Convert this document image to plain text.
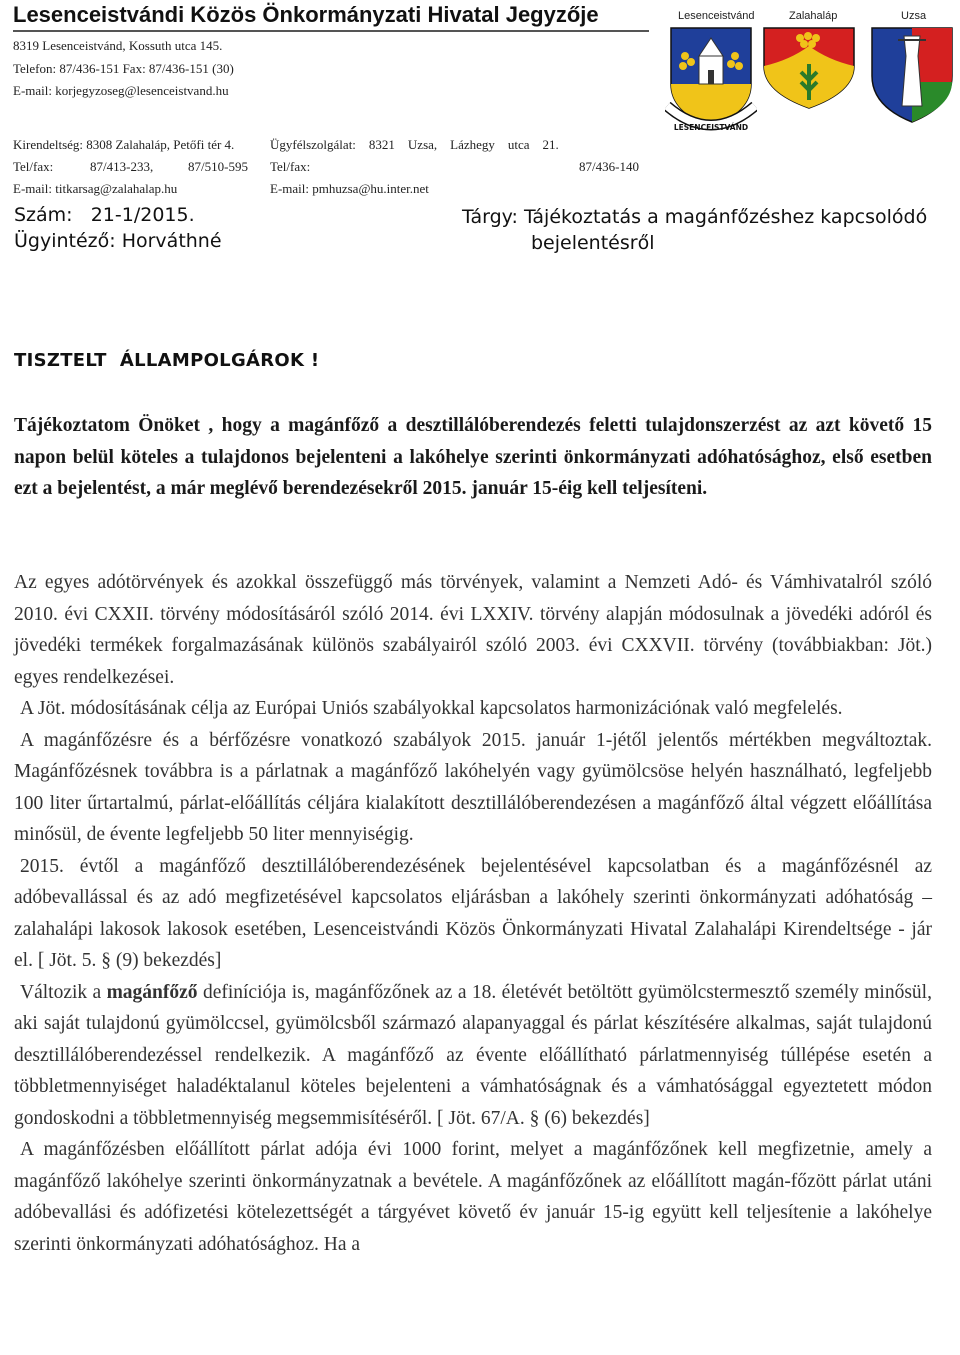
Lesenceistvándi Közös Önkormányzati Hivatal Jegyzője
8319 Lesenceistvánd, Kossuth utca 145.
Telefon: 87/436-151 Fax: 87/436-151 (30)
E-mail: korjegyzoseg@lesenceistvand.hu
Kirendeltség: 8308 Zalahaláp, Petőfi tér 4.
Tel/fax:	87/413-233,	87/510-595
E-mail: titkarsag@zalahalap.hu
Ügyfélszolgálat:    8321    Uzsa,    Lázhegy    utca    21.
Tel/fax:	87/436-140
E-mail: pmhuzsa@hu.inter.net
Lesenceistvánd	Zalahaláp	Uzsa
LESENCEISTVÁND
Szám:   21-1/2015.
Ügyintéző: Horváthné
Tárgy: Tájékoztatás a magánfőzéshez kapcsolódó
bejelentésről
TISZTELT  ÁLLAMPOLGÁROK !
Tájékoztatom Önöket , hogy a magánfőző a desztillálóberendezés feletti tulajdonszerzést az azt követő 15 napon belül köteles a tulajdonos bejelenteni a lakóhelye szerinti önkormányzati adóhatósághoz, első esetben ezt a bejelentést, a már meglévő berendezésekről 2015. január 15-éig kell teljesíteni.
Az egyes adótörvények és azokkal összefüggő más törvények, valamint a Nemzeti Adó- és Vámhivatalról szóló 2010. évi CXXII. törvény módosításáról szóló 2014. évi LXXIV. törvény alapján módosulnak a jövedéki adóról és jövedéki termékek forgalmazásának különös szabályairól szóló 2003. évi CXXVII. törvény (továbbiakban: Jöt.) egyes rendelkezései.
A Jöt. módosításának célja az Európai Uniós szabályokkal kapcsolatos harmonizációnak való megfelelés.
A magánfőzésre és a bérfőzésre vonatkozó szabályok 2015. január 1-jétől jelentős mértékben megváltoztak. Magánfőzésnek továbbra is a párlatnak a magánfőző lakóhelyén vagy gyümölcsöse helyén használható, legfeljebb 100 liter űrtartalmú, párlat-előállítás céljára kialakított desztillálóberendezésen a magánfőző által végzett előállítása minősül, de évente legfeljebb 50 liter mennyiségig.
2015. évtől a magánfőző desztillálóberendezésének bejelentésével kapcsolatban és a magánfőzésnél az adóbevallással és az adó megfizetésével kapcsolatos eljárásban a lakóhely szerinti önkormányzati adóhatóság – zalahalápi lakosok lakosok esetében, Lesenceistvándi Közös Önkormányzati Hivatal Zalahalápi Kirendeltsége - jár el. [ Jöt. 5. § (9) bekezdés]
Változik a magánfőző definíciója is, magánfőzőnek az a 18. életévét betöltött gyümölcstermesztő személy minősül, aki saját tulajdonú gyümölccsel, gyümölcsből származó alapanyaggal és párlat készítésére alkalmas, saját tulajdonú desztillálóberendezéssel rendelkezik. A magánfőző az évente előállítható párlatmennyiség túllépése esetén a többletmennyiséget haladéktalanul köteles bejelenteni a vámhatóságnak és a vámhatósággal egyeztetett módon gondoskodni a többletmennyiség megsemmisítéséről. [ Jöt. 67/A. § (6) bekezdés]
A magánfőzésben előállított párlat adója évi 1000 forint, melyet a magánfőzőnek kell megfizetnie, amely a magánfőző lakóhelye szerinti önkormányzatnak a bevétele. A magánfőzőnek az előállított magán-főzött párlat utáni adóbevallási és adófizetési kötelezettségét a tárgyévet követő év január 15-ig együtt kell teljesítenie a lakóhelye szerinti önkormányzati adóhatósághoz. Ha a
